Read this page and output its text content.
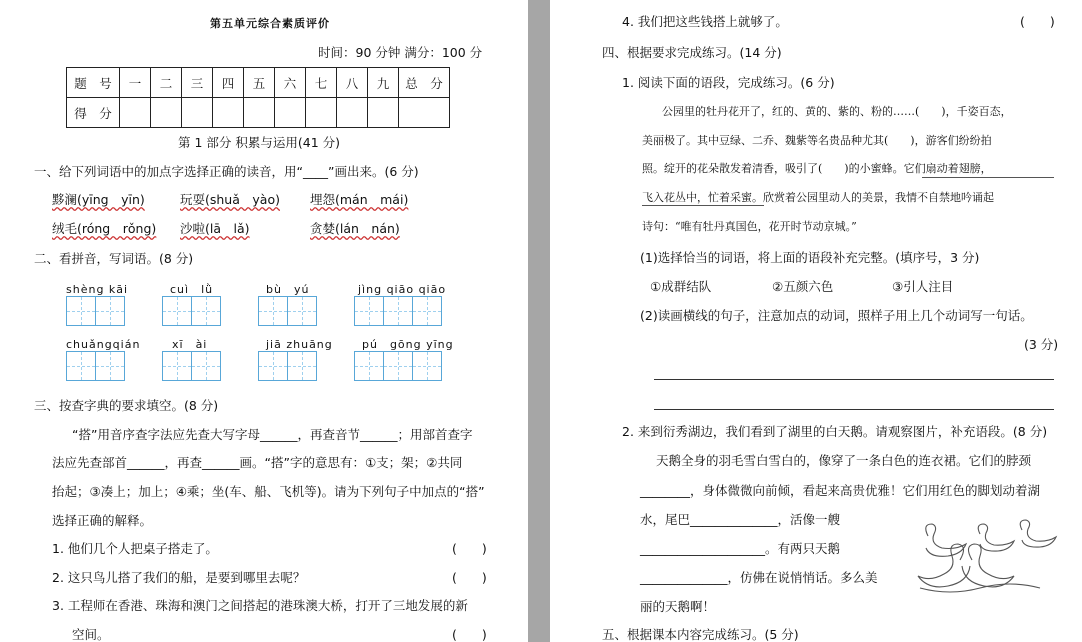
第五单元综合素质评价
时间：90 分钟 满分：100 分
题　号	一	二	三	四	五	六	七	八	九	总　分
得　分										
第 1 部分 积累与运用(41 分)
一、给下列词语中的加点字选择正确的读音，用“____”画出来。(6 分)
黟澜(yīng　yīn)	玩耍(shuǎ　yào) 埋怨(mán　mái)
绒毛(róng　rǒng) 沙啦(lā　lǎ)	贪婪(lán　nán)
二、看拼音，写词语。(8 分)
shèng kāi	cuì　lǜ	bù　yú	jìng qiāo qiāo
chuǎngqián	xī　ài	jiā zhuāng	pú　gōng yīng
三、按查字典的要求填空。(8 分)
“搭”用音序查字法应先查大写字母______，再查音节______；用部首查字
法应先查部首______，再查______画。“搭”字的意思有：①支；架；②共同
抬起；③凑上；加上；④乘；坐(车、船、飞机等)。请为下列句子中加点的“搭”
选择正确的解释。
1. 他们几个人把桌子搭走了。	(　　)
2. 这只鸟儿搭了我们的船，是要到哪里去呢？	(　　)
3. 工程师在香港、珠海和澳门之间搭起的港珠澳大桥，打开了三地发展的新
空间。	(　　)
4. 我们把这些钱搭上就够了。	(　　)
四、根据要求完成练习。(14 分)
1. 阅读下面的语段，完成练习。(6 分)
公园里的牡丹花开了，红的、黄的、紫的、粉的……(　　)，千姿百态，
美丽极了。其中豆绿、二乔、魏紫等名贵品种尤其(　　)，游客们纷纷拍
照。绽开的花朵散发着清香，吸引了(　　)的小蜜蜂。它们扇动着翅膀，
飞入花丛中，忙着采蜜。欣赏着公园里动人的美景，我情不自禁地吟诵起
诗句：“唯有牡丹真国色，花开时节动京城。”
(1)选择恰当的词语，将上面的语段补充完整。(填序号，3 分)
①成群结队	②五颜六色	③引人注目
(2)读画横线的句子，注意加点的动词，照样子用上几个动词写一句话。
(3 分)
2. 来到衍秀湖边，我们看到了湖里的白天鹅。请观察图片，补充语段。(8 分)
天鹅全身的羽毛雪白雪白的，像穿了一条白色的连衣裙。它们的脖颈
________，身体微微向前倾，看起来高贵优雅！它们用红色的脚划动着湖
水，尾巴______________，活像一艘
____________________。有两只天鹅
______________，仿佛在说悄悄话。多么美
丽的天鹅啊！
五、根据课本内容完成练习。(5 分)
